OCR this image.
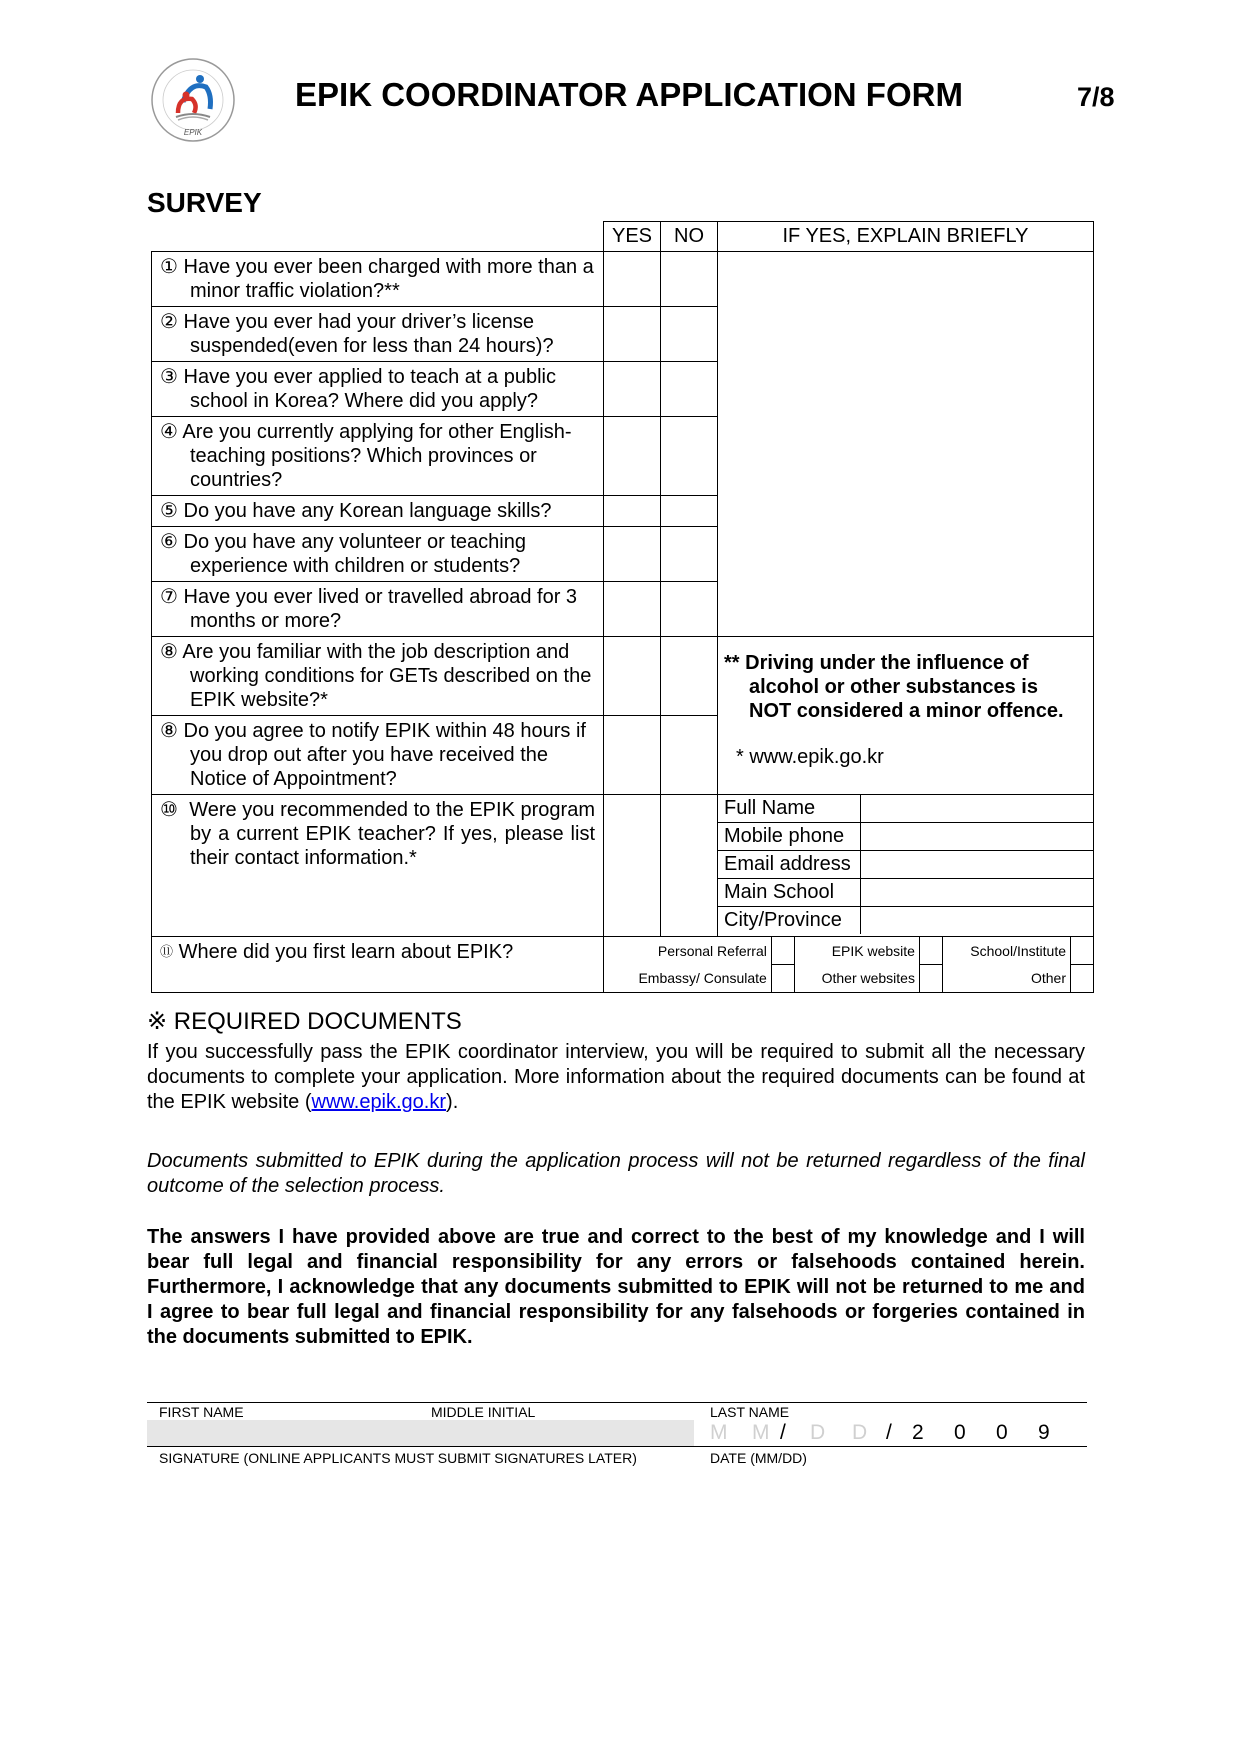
EPIK
EPIK COORDINATOR APPLICATION FORM	7/8
SURVEY
	YES	NO	IF YES, EXPLAIN BRIEFLY

① Have you ever been charged with more than a minor traffic violation?**

② Have you ever had your driver’s license suspended(even for less than 24 hours)?

③ Have you ever applied to teach at a public school in Korea? Where did you apply?

④ Are you currently applying for other English-teaching positions? Which provinces or countries?

⑤ Do you have any Korean language skills?

⑥ Do you have any volunteer or teaching experience with children or students?

⑦ Have you ever lived or travelled abroad for 3 months or more?

⑧ Are you familiar with the job description and working conditions for GETs described on the EPIK website?*

** Driving under the influence of alcohol or other substances is NOT considered a minor offence.
* www.epik.go.kr

⑧ Do you agree to notify EPIK within 48 hours if you drop out after you have received the Notice of Appointment?

⑩ Were you recommended to the EPIK program by a current EPIK teacher? If yes, please list their contact information.*

Full Name	
Mobile phone	
Email address	
Main School	
City/Province	

⑪ Where did you first learn about EPIK?
		Personal Referral		EPIK website		School/Institute	
Embassy/ Consulate		Other websites		Other	
※ REQUIRED DOCUMENTS
If you successfully pass the EPIK coordinator interview, you will be required to submit all the necessary documents to complete your application. More information about the required documents can be found at the EPIK website (www.epik.go.kr).
Documents submitted to EPIK during the application process will not be returned regardless of the final outcome of the selection process.
The answers I have provided above are true and correct to the best of my knowledge and I will bear full legal and financial responsibility for any errors or falsehoods contained herein. Furthermore, I acknowledge that any documents submitted to EPIK will not be returned to me and I agree to bear full legal and financial responsibility for any falsehoods or forgeries contained in the documents submitted to EPIK.
FIRST NAME	MIDDLE INITIAL	LAST NAME
M M / D D / 2 0 0 9
SIGNATURE (ONLINE APPLICANTS MUST SUBMIT SIGNATURES LATER)	DATE (MM/DD)
